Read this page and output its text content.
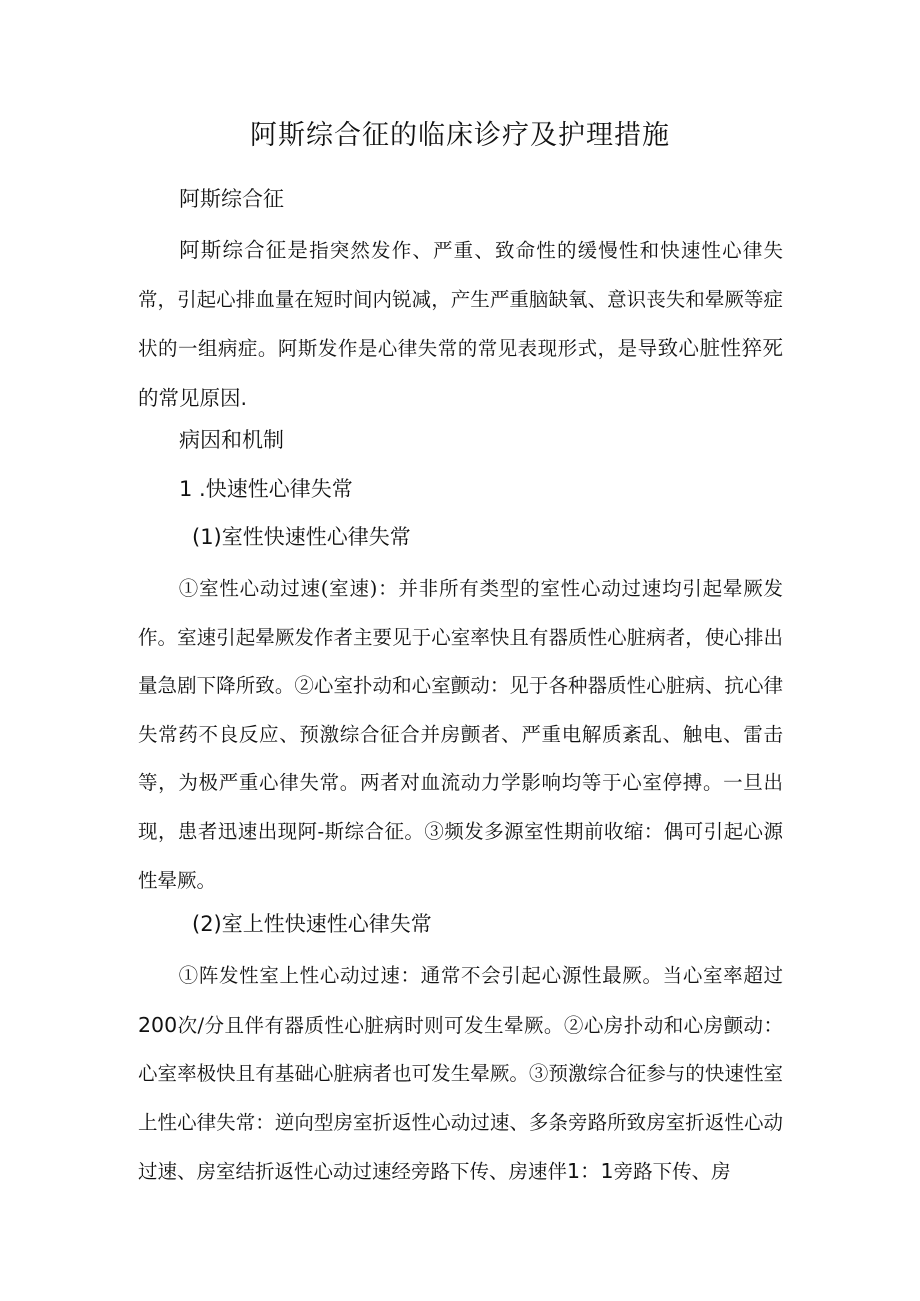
阿斯综合征的临床诊疗及护理措施
阿斯综合征
阿斯综合征是指突然发作、严重、致命性的缓慢性和快速性心律失常，引起心排血量在短时间内锐减，产生严重脑缺氧、意识丧失和晕厥等症状的一组病症。阿斯发作是心律失常的常见表现形式，是导致心脏性猝死的常见原因.
病因和机制
1 .快速性心律失常
(1)室性快速性心律失常
①室性心动过速(室速)：并非所有类型的室性心动过速均引起晕厥发作。室速引起晕厥发作者主要见于心室率快且有器质性心脏病者，使心排出量急剧下降所致。②心室扑动和心室颤动：见于各种器质性心脏病、抗心律失常药不良反应、预激综合征合并房颤者、严重电解质紊乱、触电、雷击等，为极严重心律失常。两者对血流动力学影响均等于心室停搏。一旦出现，患者迅速出现阿-斯综合征。③频发多源室性期前收缩：偶可引起心源性晕厥。
(2)室上性快速性心律失常
①阵发性室上性心动过速：通常不会引起心源性最厥。当心室率超过200次/分且伴有器质性心脏病时则可发生晕厥。②心房扑动和心房颤动：心室率极快且有基础心脏病者也可发生晕厥。③预激综合征参与的快速性室上性心律失常：逆向型房室折返性心动过速、多条旁路所致房室折返性心动过速、房室结折返性心动过速经旁路下传、房速伴1：1旁路下传、房
